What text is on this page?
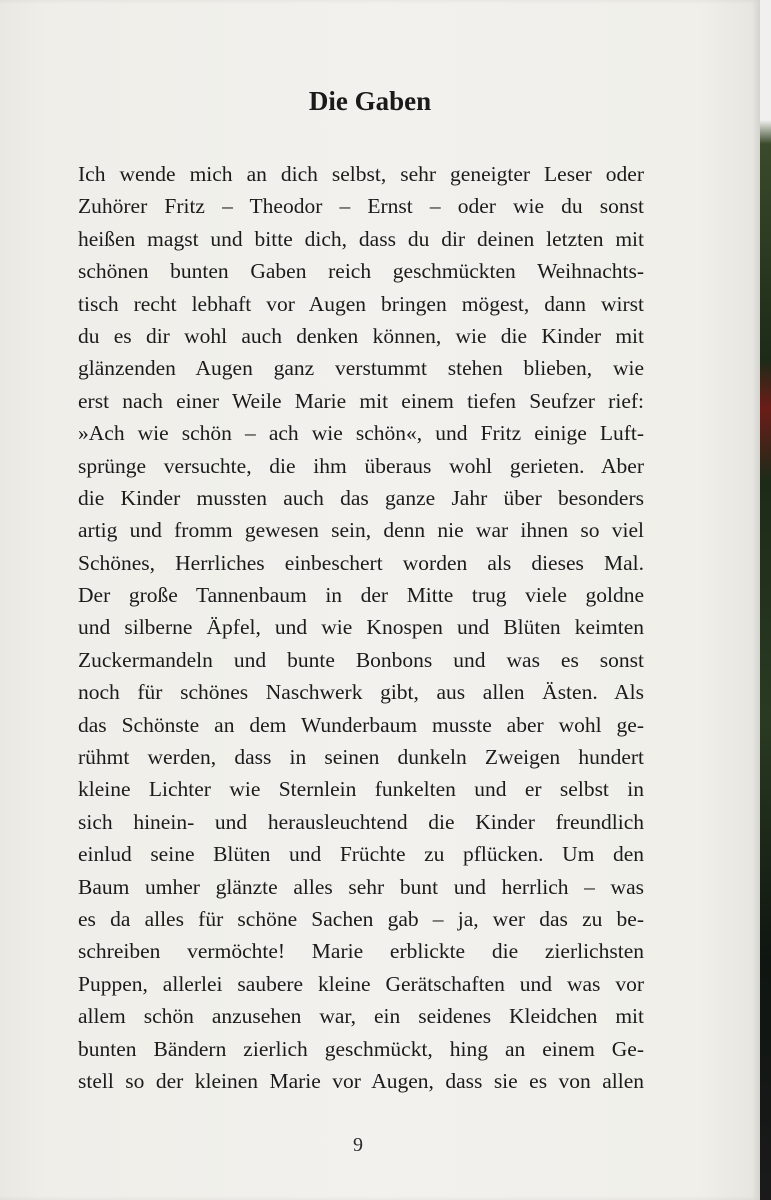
Die Gaben
Ich wende mich an dich selbst, sehr geneigter Leser oder
Zuhörer Fritz – Theodor – Ernst – oder wie du sonst
heißen magst und bitte dich, dass du dir deinen letzten mit
schönen bunten Gaben reich geschmückten Weihnachts-
tisch recht lebhaft vor Augen bringen mögest, dann wirst
du es dir wohl auch denken können, wie die Kinder mit
glänzenden Augen ganz verstummt stehen blieben, wie
erst nach einer Weile Marie mit einem tiefen Seufzer rief:
»Ach wie schön – ach wie schön«, und Fritz einige Luft-
sprünge versuchte, die ihm überaus wohl gerieten. Aber
die Kinder mussten auch das ganze Jahr über besonders
artig und fromm gewesen sein, denn nie war ihnen so viel
Schönes, Herrliches einbeschert worden als dieses Mal.
Der große Tannenbaum in der Mitte trug viele goldne
und silberne Äpfel, und wie Knospen und Blüten keimten
Zuckermandeln und bunte Bonbons und was es sonst
noch für schönes Naschwerk gibt, aus allen Ästen. Als
das Schönste an dem Wunderbaum musste aber wohl ge-
rühmt werden, dass in seinen dunkeln Zweigen hundert
kleine Lichter wie Sternlein funkelten und er selbst in
sich hinein- und herausleuchtend die Kinder freundlich
einlud seine Blüten und Früchte zu pflücken. Um den
Baum umher glänzte alles sehr bunt und herrlich – was
es da alles für schöne Sachen gab – ja, wer das zu be-
schreiben vermöchte! Marie erblickte die zierlichsten
Puppen, allerlei saubere kleine Gerätschaften und was vor
allem schön anzusehen war, ein seidenes Kleidchen mit
bunten Bändern zierlich geschmückt, hing an einem Ge-
stell so der kleinen Marie vor Augen, dass sie es von allen
9
